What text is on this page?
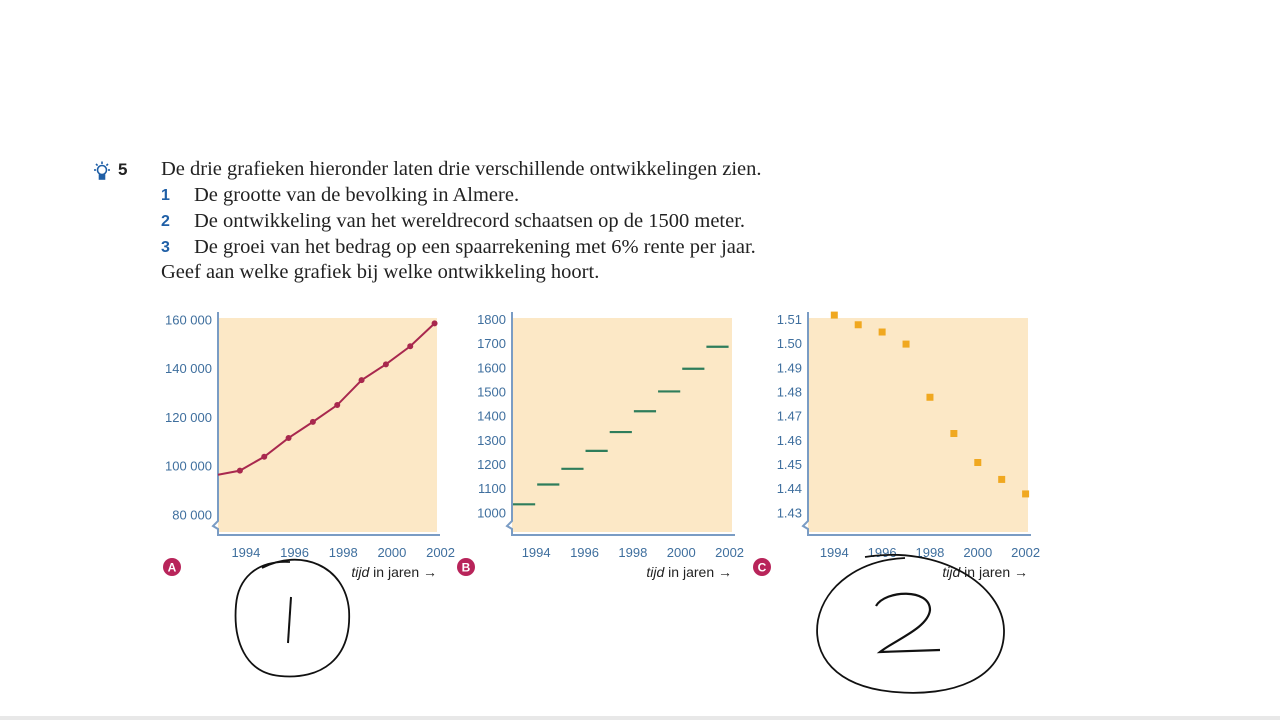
5 De drie grafieken hieronder laten drie verschillende ontwikkelingen zien.
1 De grootte van de bevolking in Almere.
2 De ontwikkeling van het wereldrecord schaatsen op de 1500 meter.
3 De groei van het bedrag op een spaarrekening met 6% rente per jaar.
Geef aan welke grafiek bij welke ontwikkeling hoort.
160 000
140 000
120 000
100 000
80 000
1994 1996 1998 2000 2002
tijd in jaren →
A
1800
1700
1600
1500
1400
1300
1200
1100
1000
1994 1996 1998 2000 2002
tijd in jaren →
B
1.51
1.50
1.49
1.48
1.47
1.46
1.45
1.44
1.43
1994 1996 1998 2000 2002
tijd in jaren →
C
